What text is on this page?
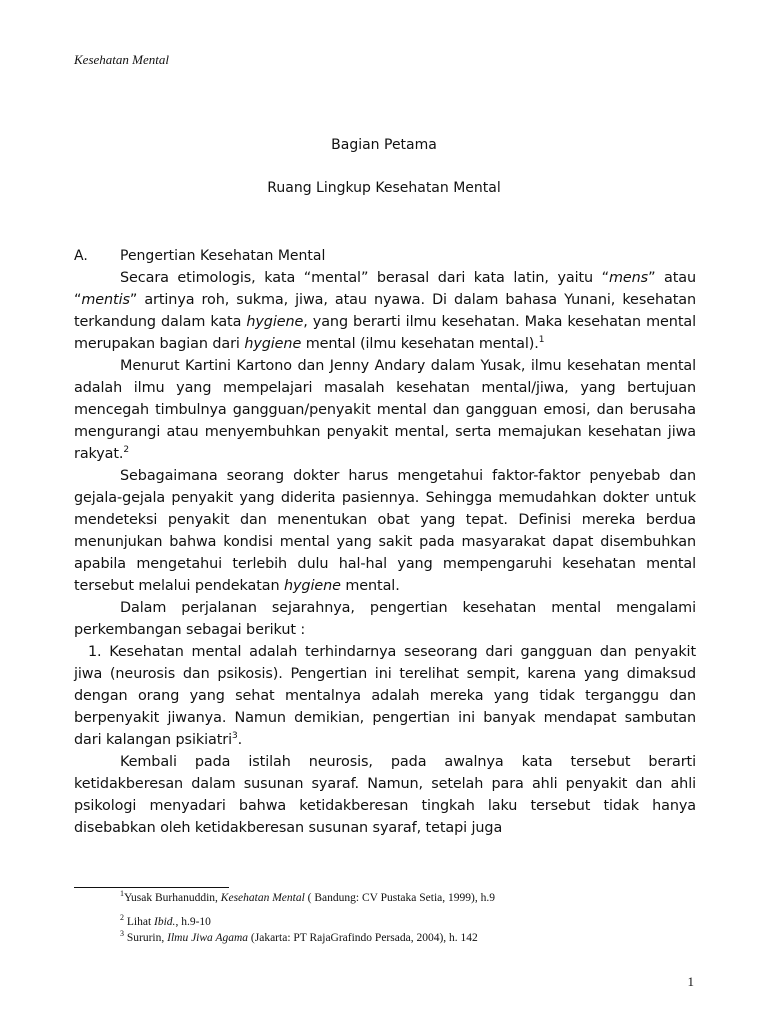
Kesehatan Mental
Bagian Petama
Ruang Lingkup Kesehatan Mental
A.	Pengertian Kesehatan Mental

Secara etimologis, kata “mental” berasal dari kata latin, yaitu “mens” atau “mentis” artinya roh, sukma, jiwa, atau nyawa. Di dalam bahasa Yunani, kesehatan terkandung dalam kata hygiene, yang berarti ilmu kesehatan. Maka kesehatan mental merupakan bagian dari hygiene mental (ilmu kesehatan mental).$^1$

Menurut Kartini Kartono dan Jenny Andary dalam Yusak, ilmu kesehatan mental adalah ilmu yang mempelajari masalah kesehatan mental/jiwa, yang bertujuan mencegah timbulnya gangguan/penyakit mental dan gangguan emosi, dan berusaha mengurangi atau menyembuhkan penyakit mental, serta memajukan kesehatan jiwa rakyat.$^2$

Sebagaimana seorang dokter harus mengetahui faktor-faktor penyebab dan gejala-gejala penyakit yang diderita pasiennya. Sehingga memudahkan dokter untuk mendeteksi penyakit dan menentukan obat yang tepat. Definisi mereka berdua menunjukan bahwa kondisi mental yang sakit pada masyarakat dapat disembuhkan apabila mengetahui terlebih dulu hal-hal yang mempengaruhi kesehatan mental tersebut melalui pendekatan hygiene mental.

Dalam perjalanan sejarahnya, pengertian kesehatan mental mengalami perkembangan sebagai berikut :

1. Kesehatan mental adalah terhindarnya seseorang dari gangguan dan penyakit jiwa (neurosis dan psikosis). Pengertian ini terelihat sempit, karena yang dimaksud dengan orang yang sehat mentalnya adalah mereka yang tidak terganggu dan berpenyakit jiwanya. Namun demikian, pengertian ini banyak mendapat sambutan dari kalangan psikiatri$^3$.

Kembali pada istilah neurosis, pada awalnya kata tersebut berarti ketidakberesan dalam susunan syaraf. Namun, setelah para ahli penyakit dan ahli psikologi menyadari bahwa ketidakberesan tingkah laku tersebut tidak hanya disebabkan oleh ketidakberesan susunan syaraf, tetapi juga

$^1$Yusak Burhanuddin, Kesehatan Mental ( Bandung: CV Pustaka Setia, 1999), h.9

$^2$ Lihat Ibid., h.9-10

$^3$ Sururin, Ilmu Jiwa Agama (Jakarta: PT RajaGrafindo Persada, 2004), h. 142

1
